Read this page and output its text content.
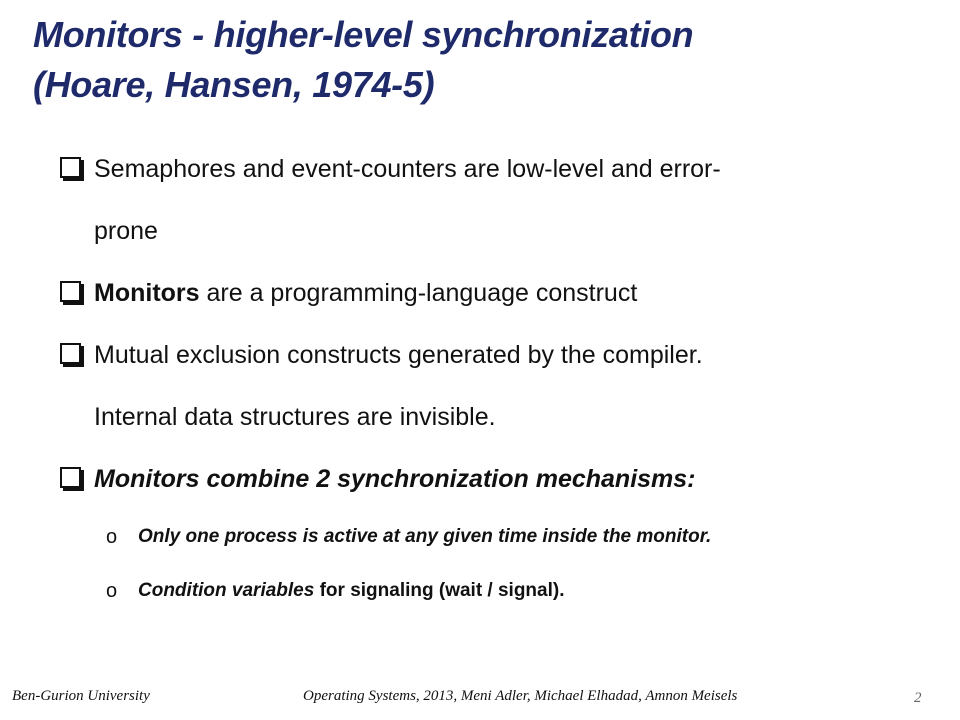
Monitors - higher-level synchronization
(Hoare, Hansen, 1974-5)
Semaphores and event-counters are low-level and error-
prone
Monitors are a programming-language construct
Mutual exclusion constructs generated by the compiler.
Internal data structures are invisible.
Monitors combine 2 synchronization mechanisms:
o Only one process is active at any given time inside the monitor.
o Condition variables for signaling (wait / signal).
Ben-Gurion University	Operating Systems, 2013, Meni Adler, Michael Elhadad, Amnon Meisels	2
